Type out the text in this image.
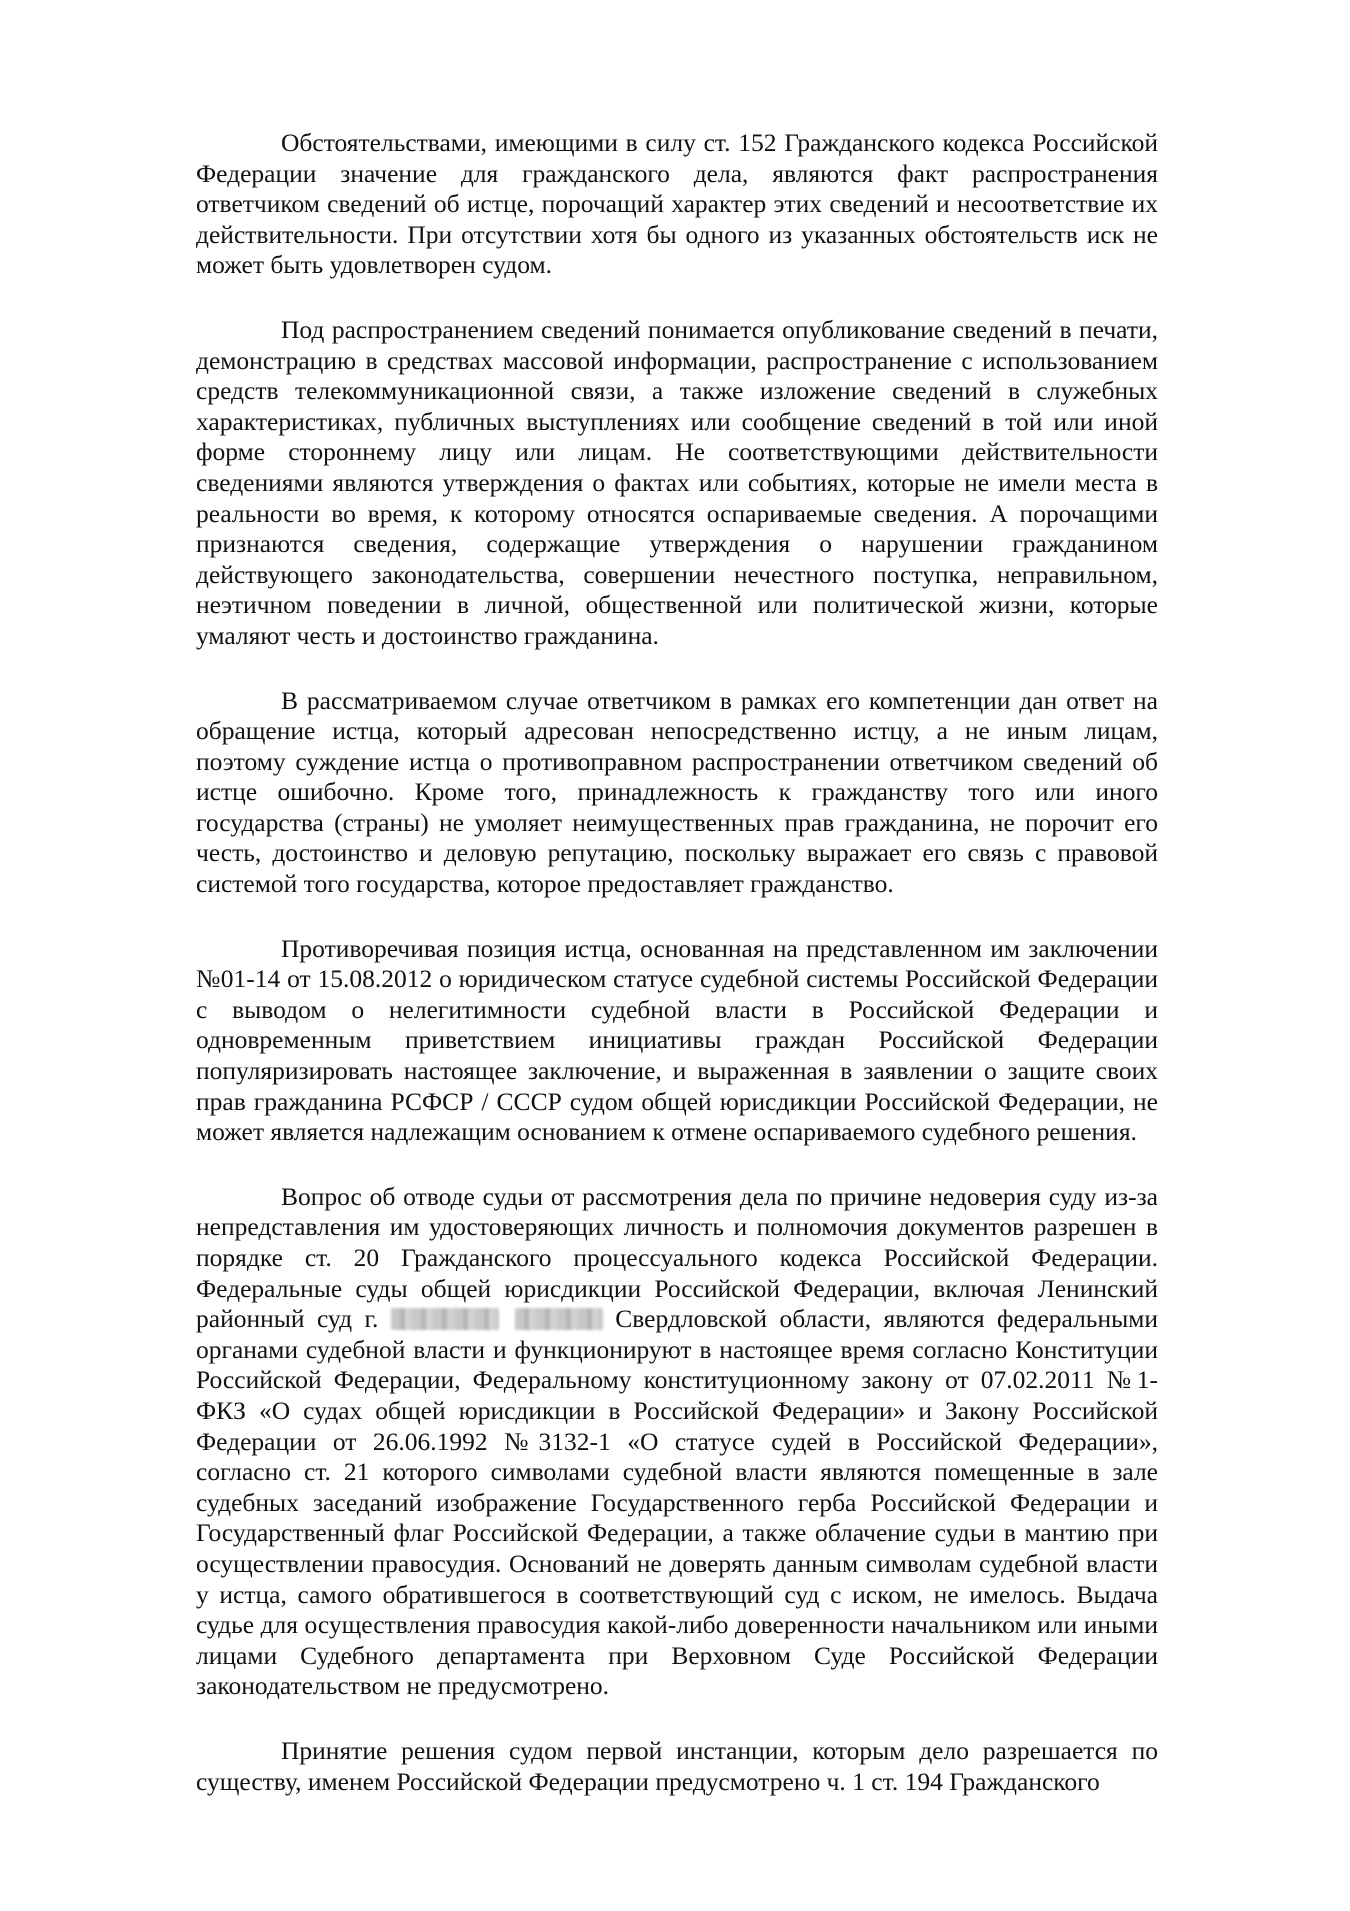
Обстоятельствами, имеющими в силу ст. 152 Гражданского кодекса Российской Федерации значение для гражданского дела, являются факт распространения ответчиком сведений об истце, порочащий характер этих сведений и несоответствие их действительности. При отсутствии хотя бы одного из указанных обстоятельств иск не может быть удовлетворен судом.

Под распространением сведений понимается опубликование сведений в печати, демонстрацию в средствах массовой информации, распространение с использованием средств телекоммуникационной связи, а также изложение сведений в служебных характеристиках, публичных выступлениях или сообщение сведений в той или иной форме стороннему лицу или лицам. Не соответствующими действительности сведениями являются утверждения о фактах или событиях, которые не имели места в реальности во время, к которому относятся оспариваемые сведения. А порочащими признаются сведения, содержащие утверждения о нарушении гражданином действующего законодательства, совершении нечестного поступка, неправильном, неэтичном поведении в личной, общественной или политической жизни, которые умаляют честь и достоинство гражданина.

В рассматриваемом случае ответчиком в рамках его компетенции дан ответ на обращение истца, который адресован непосредственно истцу, а не иным лицам, поэтому суждение истца о противоправном распространении ответчиком сведений об истце ошибочно. Кроме того, принадлежность к гражданству того или иного государства (страны) не умоляет неимущественных прав гражданина, не порочит его честь, достоинство и деловую репутацию, поскольку выражает его связь с правовой системой того государства, которое предоставляет гражданство.

Противоречивая позиция истца, основанная на представленном им заключении №01-14 от 15.08.2012 о юридическом статусе судебной системы Российской Федерации с выводом о нелегитимности судебной власти в Российской Федерации и одновременным приветствием инициативы граждан Российской Федерации популяризировать настоящее заключение, и выраженная в заявлении о защите своих прав гражданина РСФСР / СССР судом общей юрисдикции Российской Федерации, не может является надлежащим основанием к отмене оспариваемого судебного решения.

Вопрос об отводе судьи от рассмотрения дела по причине недоверия суду из-за непредставления им удостоверяющих личность и полномочия документов разрешен в порядке ст. 20 Гражданского процессуального кодекса Российской Федерации. Федеральные суды общей юрисдикции Российской Федерации, включая Ленинский районный суд г.	Свердловской области, являются федеральными органами судебной власти и функционируют в настоящее время согласно Конституции Российской Федерации, Федеральному конституционному закону от 07.02.2011 №1-ФКЗ «О судах общей юрисдикции в Российской Федерации» и Закону Российской Федерации от 26.06.1992 №3132-1 «О статусе судей в Российской Федерации», согласно ст. 21 которого символами судебной власти являются помещенные в зале судебных заседаний изображение Государственного герба Российской Федерации и Государственный флаг Российской Федерации, а также облачение судьи в мантию при осуществлении правосудия. Оснований не доверять данным символам судебной власти у истца, самого обратившегося в соответствующий суд с иском, не имелось. Выдача судье для осуществления правосудия какой-либо доверенности начальником или иными лицами Судебного департамента при Верховном Суде Российской Федерации законодательством не предусмотрено.

Принятие решения судом первой инстанции, которым дело разрешается по существу, именем Российской Федерации предусмотрено ч. 1 ст. 194 Гражданского
